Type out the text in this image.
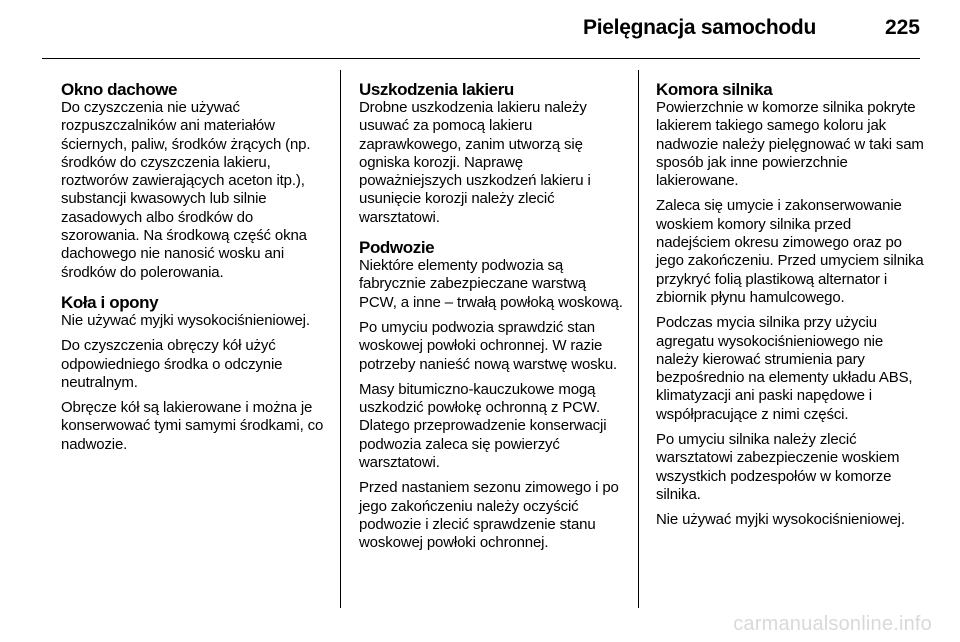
Pielęgnacja samochodu	225
Okno dachowe

Do czyszczenia nie używać rozpuszczalników ani materiałów ściernych, paliw, środków żrących (np. środków do czyszczenia lakieru, roztworów zawierających aceton itp.), substancji kwasowych lub silnie zasadowych albo środków do szorowania. Na środkową część okna dachowego nie nanosić wosku ani środków do polerowania.

Koła i opony

Nie używać myjki wysokociśnieniowej.

Do czyszczenia obręczy kół użyć odpowiedniego środka o odczynie neutralnym.

Obręcze kół są lakierowane i można je konserwować tymi samymi środkami, co nadwozie.

Uszkodzenia lakieru

Drobne uszkodzenia lakieru należy usuwać za pomocą lakieru zaprawkowego, zanim utworzą się ogniska korozji. Naprawę poważniejszych uszkodzeń lakieru i usunięcie korozji należy zlecić warsztatowi.

Podwozie

Niektóre elementy podwozia są fabrycznie zabezpieczane warstwą PCW, a inne – trwałą powłoką woskową.

Po umyciu podwozia sprawdzić stan woskowej powłoki ochronnej. W razie potrzeby nanieść nową warstwę wosku.

Masy bitumiczno-kauczukowe mogą uszkodzić powłokę ochronną z PCW. Dlatego przeprowadzenie konserwacji podwozia zaleca się powierzyć warsztatowi.

Przed nastaniem sezonu zimowego i po jego zakończeniu należy oczyścić podwozie i zlecić sprawdzenie stanu woskowej powłoki ochronnej.

Komora silnika

Powierzchnie w komorze silnika pokryte lakierem takiego samego koloru jak nadwozie należy pielęgnować w taki sam sposób jak inne powierzchnie lakierowane.

Zaleca się umycie i zakonserwowanie woskiem komory silnika przed nadejściem okresu zimowego oraz po jego zakończeniu. Przed umyciem silnika przykryć folią plastikową alternator i zbiornik płynu hamulcowego.

Podczas mycia silnika przy użyciu agregatu wysokociśnieniowego nie należy kierować strumienia pary bezpośrednio na elementy układu ABS, klimatyzacji ani paski napędowe i współpracujące z nimi części.

Po umyciu silnika należy zlecić warsztatowi zabezpieczenie woskiem wszystkich podzespołów w komorze silnika.

Nie używać myjki wysokociśnieniowej.

carmanualsonline.info
